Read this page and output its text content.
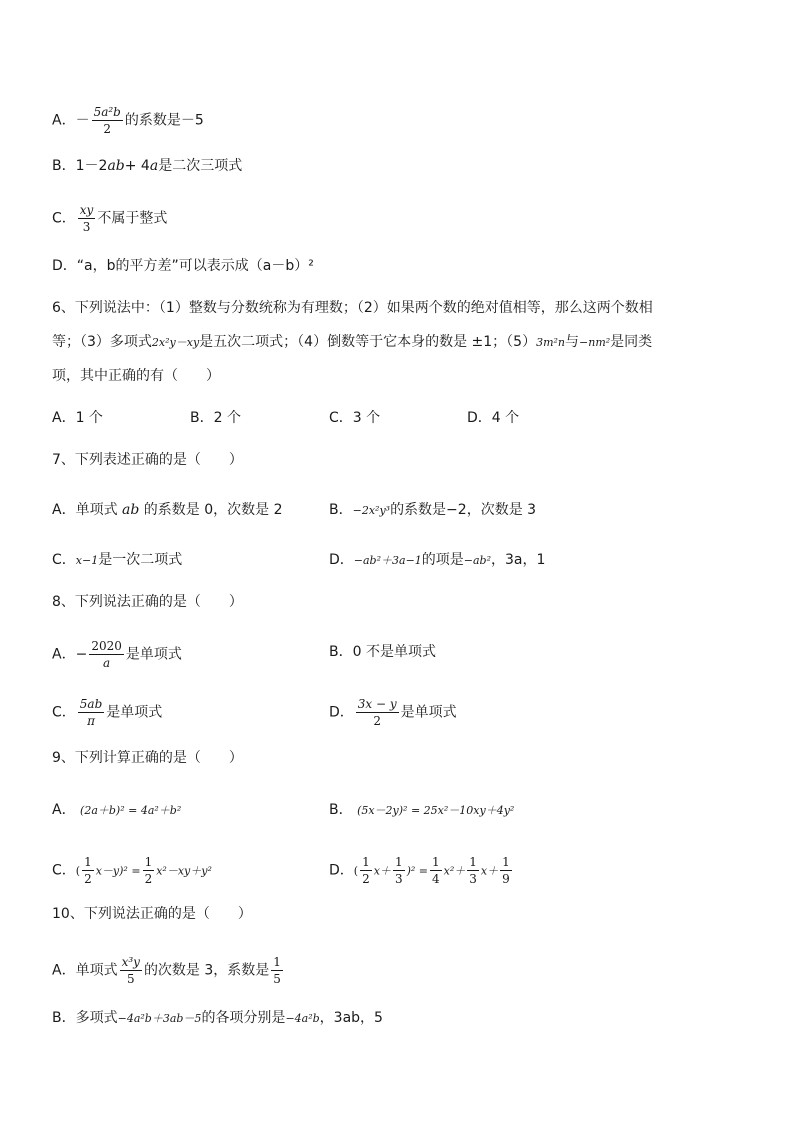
A．－ $\frac{\text{5a²b}}{2}$ 的系数是－5
B．1－2ab+ 4a是二次三项式
C． $\frac{xy}{3}$ 不属于整式
D．“a，b的平方差”可以表示成（a－b）²
6、下列说法中：（1）整数与分数统称为有理数；（2）如果两个数的绝对值相等，那么这两个数相
等；（3）多项式2x²y－xy是五次二项式；（4）倒数等于它本身的数是 ±1；（5）3m²n与−nm²是同类
项，其中正确的有（　　）
A．1 个	B．2 个	C．3 个	D．4 个
7、下列表述正确的是（　　）
A．单项式 ab 的系数是 0，次数是 2	B．−2x²y³的系数是−2，次数是 3
C．x−1是一次二项式	D．−ab²＋3a−1的项是−ab²，3a，1
8、下列说法正确的是（　　）
A．− $\frac{2020}{a}$ 是单项式	B．0 不是单项式
C． $\frac{5ab}{\pi}$ 是单项式	D． $\frac{3x - y}{2}$ 是单项式
9、下列计算正确的是（　　）
A． (2a＋b)² = 4a²＋b²	B． (5x－2y)² = 25x²－10xy＋4y²
C．( $\frac{1}{2} x-y)^2 = \frac{1}{2} x^2-xy+y^2$	D．( $\frac{1}{2} x+ \frac{1}{3} )^2 = \frac{1}{4} x^2+ \frac{1}{3} x+ \frac{1}{9}$
10、下列说法正确的是（　　）
A．单项式 $\frac{\text{x³y}}{5}$ 的次数是 3，系数是 $\frac{1}{5}$
B．多项式−4a²b＋3ab－5的各项分别是−4a²b，3ab，5
